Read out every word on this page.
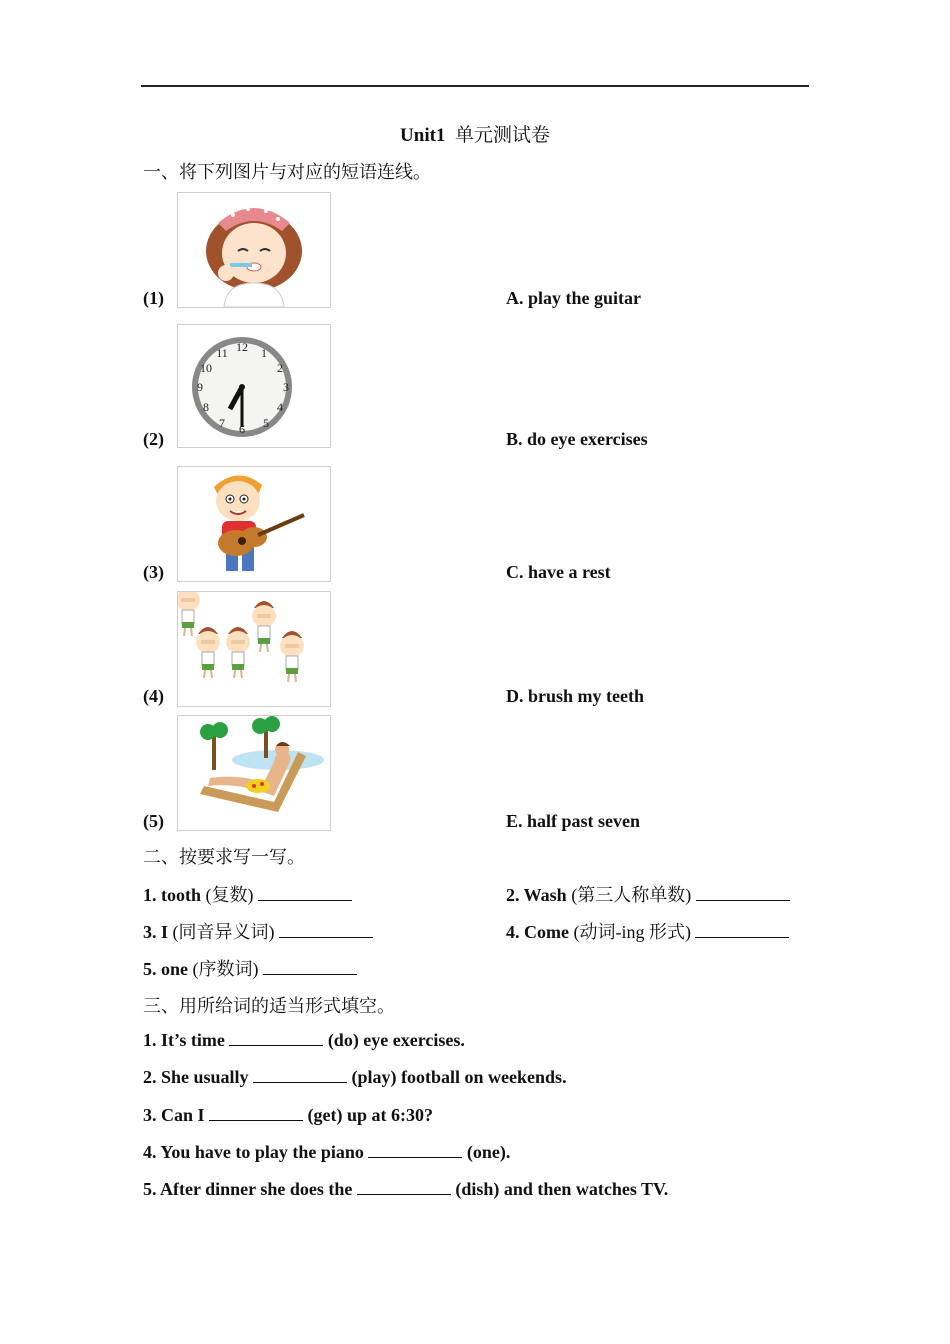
Unit1 单元测试卷
一、将下列图片与对应的短语连线。
(1)	A. play the guitar
12 1
2
3
4
5
6
7
8
9
10
11
(2)	B. do eye exercises
(3)	C. have a rest
(4)	D. brush my teeth
(5)	E. half past seven
二、按要求写一写。
1. tooth (复数)	2. Wash (第三人称单数)
3. I (同音异义词)	4. Come (动词-ing 形式)
5. one (序数词)
三、用所给词的适当形式填空。
1. It’s time	(do) eye exercises.
2. She usually	(play) football on weekends.
3. Can I	(get) up at 6:30?
4. You have to play the piano	(one).
5. After dinner she does the	(dish) and then watches TV.
